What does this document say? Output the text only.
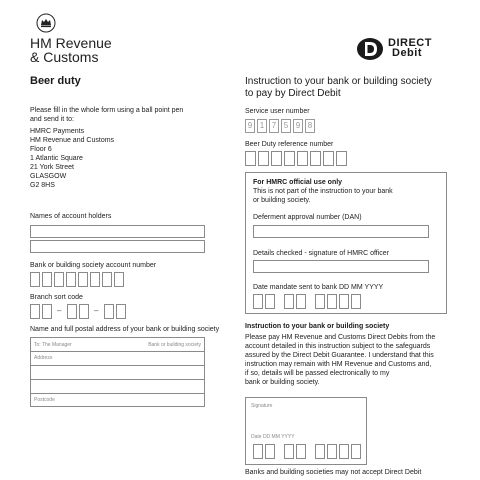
HM Revenue
& Customs
DIRECT
Debit
Beer duty
Please fill in the whole form using a ball point pen
and send it to:
HMRC Payments
HM Revenue and Customs
Floor 6
1 Atlantic Square
21 York Street
GLASGOW
G2 8HS
Names of account holders
Bank or building society account number
Branch sort code
–	–
Name and full postal address of your bank or building society
To: The Manager	Bank or building society
Address
Postcode
Instruction to your bank or building society
to pay by Direct Debit
Service user number
9 1 7 5 9 8
Beer Duty reference number
For HMRC official use only
This is not part of the instruction to your bank
or building society.
Deferment approval number (DAN)
Details checked - signature of HMRC officer
Date mandate sent to bank DD MM YYYY
Instruction to your bank or building society
Please pay HM Revenue and Customs Direct Debits from the
account detailed in this instruction subject to the safeguards
assured by the Direct Debit Guarantee. I understand that this
instruction may remain with HM Revenue and Customs and,
if so, details will be passed electronically to my
bank or building society.
Signature
Date DD MM YYYY
Banks and building societies may not accept Direct Debit
